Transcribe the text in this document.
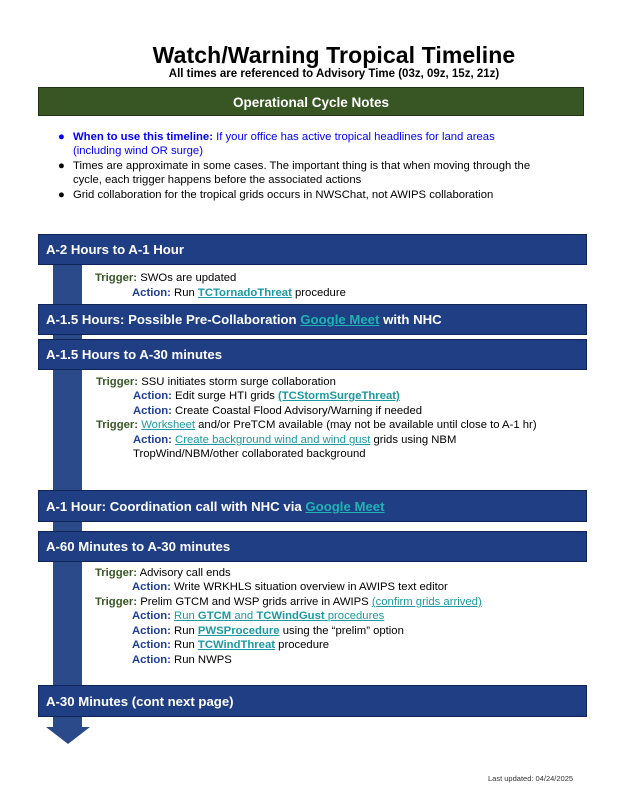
Watch/Warning Tropical Timeline
All times are referenced to Advisory Time (03z, 09z, 15z, 21z)
Operational Cycle Notes
● When to use this timeline: If your office has active tropical headlines for land areas
(including wind OR surge)
● Times are approximate in some cases. The important thing is that when moving through the
cycle, each trigger happens before the associated actions
● Grid collaboration for the tropical grids occurs in NWSChat, not AWIPS collaboration
A-2 Hours to A-1 Hour
Trigger: SWOs are updated
Action: Run TCTornadoThreat procedure
A-1.5 Hours: Possible Pre-Collaboration Google Meet with NHC
A-1.5 Hours to A-30 minutes
Trigger: SSU initiates storm surge collaboration
Action: Edit surge HTI grids (TCStormSurgeThreat)
Action: Create Coastal Flood Advisory/Warning if needed
Trigger: Worksheet and/or PreTCM available (may not be available until close to A-1 hr)
Action: Create background wind and wind gust grids using NBM
TropWind/NBM/other collaborated background
A-1 Hour: Coordination call with NHC via Google Meet
A-60 Minutes to A-30 minutes
Trigger: Advisory call ends
Action: Write WRKHLS situation overview in AWIPS text editor
Trigger: Prelim GTCM and WSP grids arrive in AWIPS (confirm grids arrived)
Action: Run GTCM and TCWindGust procedures
Action: Run PWSProcedure using the “prelim” option
Action: Run TCWindThreat procedure
Action: Run NWPS
A-30 Minutes (cont next page)
Last updated: 04/24/2025
